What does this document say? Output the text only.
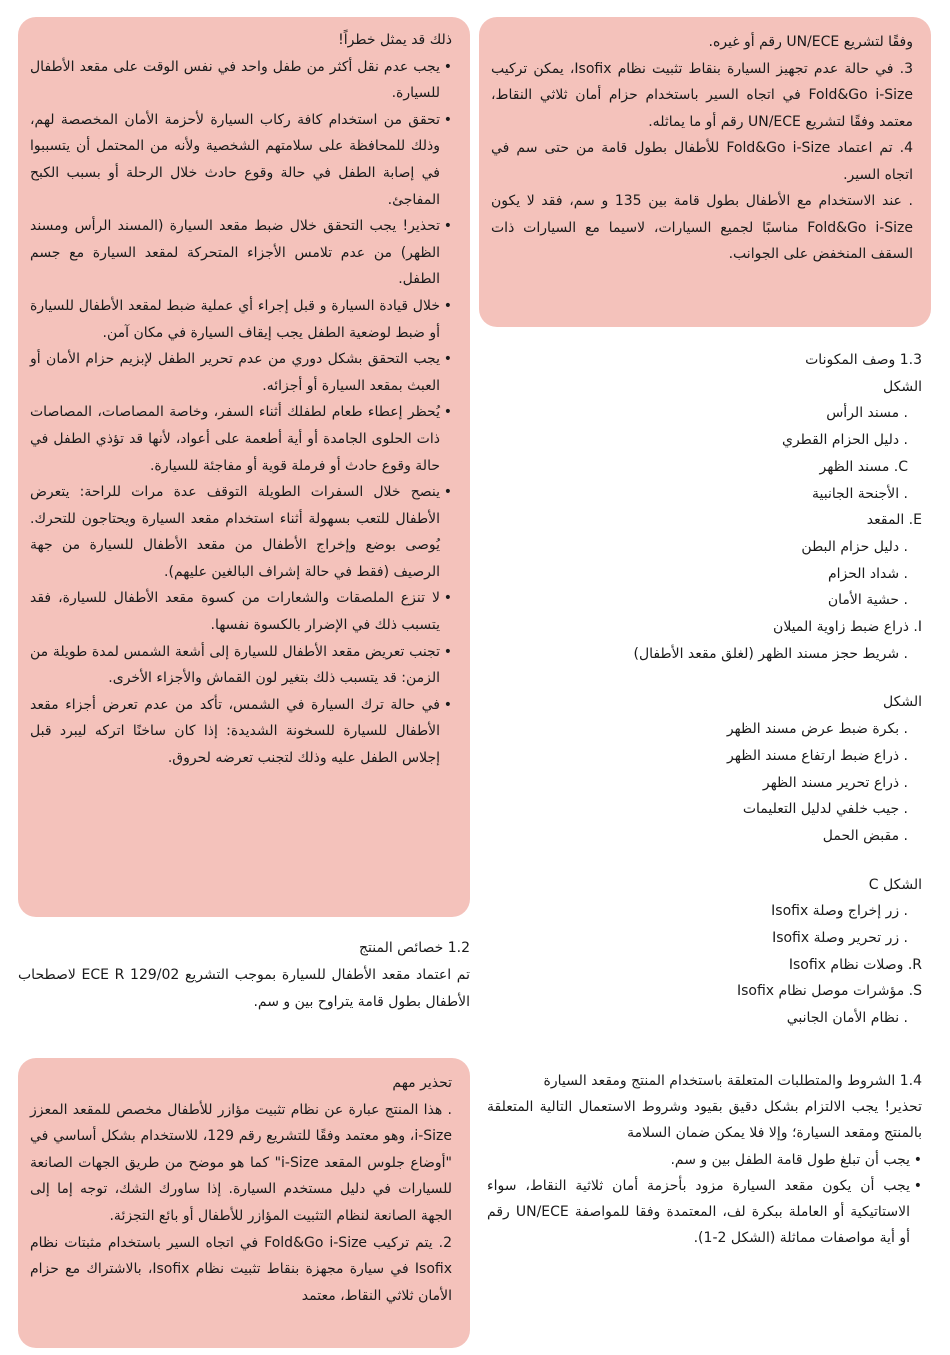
وفقًا لتشريع UN/ECE رقم أو غيره.

3. في حالة عدم تجهيز السيارة بنقاط تثبيت نظام Isofix، يمكن تركيب Fold&Go i-Size في اتجاه السير باستخدام حزام أمان ثلاثي النقاط، معتمد وفقًا لتشريع UN/ECE رقم أو ما يماثله.

4. تم اعتماد Fold&Go i-Size للأطفال بطول قامة من حتى سم في اتجاه السير.

. عند الاستخدام مع الأطفال بطول قامة بين 135 و سم، فقد لا يكون Fold&Go i-Size مناسبًا لجميع السيارات، لاسيما مع السيارات ذات السقف المنخفض على الجوانب.

1.3 وصف المكونات

الشكل

. مسند الرأس

. دليل الحزام القطري

C. مسند الظهر

. الأجنحة الجانبية

E. المقعد

. دليل حزام البطن

. شداد الحزام

. حشية الأمان

I. ذراع ضبط زاوية الميلان

. شريط حجز مسند الظهر (لغلق مقعد الأطفال)

الشكل

. بكرة ضبط عرض مسند الظهر

. ذراع ضبط ارتفاع مسند الظهر

. ذراع تحرير مسند الظهر

. جيب خلفي لدليل التعليمات

. مقبض الحمل

الشكل C

. زر إخراج وصلة Isofix

. زر تحرير وصلة Isofix

R. وصلات نظام Isofix

S. مؤشرات موصل نظام Isofix

. نظام الأمان الجانبي

1.4 الشروط والمتطلبات المتعلقة باستخدام المنتج ومقعد السيارة

تحذير! يجب الالتزام بشكل دقيق بقيود وشروط الاستعمال التالية المتعلقة بالمنتج ومقعد السيارة؛ وإلا فلا يمكن ضمان السلامة

• يجب أن تبلغ طول قامة الطفل بين و سم.

• يجب أن يكون مقعد السيارة مزود بأحزمة أمان ثلاثية النقاط، سواء الاستاتيكية أو العاملة ببكرة لف، المعتمدة وفقا للمواصفة UN/ECE رقم أو أية مواصفات مماثلة (الشكل 2-1).

ذلك قد يمثل خطراً!

• يجب عدم نقل أكثر من طفل واحد في نفس الوقت على مقعد الأطفال للسيارة.

• تحقق من استخدام كافة ركاب السيارة لأحزمة الأمان المخصصة لهم، وذلك للمحافظة على سلامتهم الشخصية ولأنه من المحتمل أن يتسببوا في إصابة الطفل في حالة وقوع حادث خلال الرحلة أو بسبب الكبح المفاجئ.

• تحذير! يجب التحقق خلال ضبط مقعد السيارة (المسند الرأس ومسند الظهر) من عدم تلامس الأجزاء المتحركة لمقعد السيارة مع جسم الطفل.

• خلال قيادة السيارة و قبل إجراء أي عملية ضبط لمقعد الأطفال للسيارة أو ضبط لوضعية الطفل يجب إيقاف السيارة في مكان آمن.

• يجب التحقق بشكل دوري من عدم تحرير الطفل لإبزيم حزام الأمان أو العبث بمقعد السيارة أو أجزائه.

• يُحظر إعطاء طعام لطفلك أثناء السفر، وخاصة المصاصات، المصاصات ذات الحلوى الجامدة أو أية أطعمة على أعواد، لأنها قد تؤذي الطفل في حالة وقوع حادث أو فرملة قوية أو مفاجئة للسيارة.

• ينصح خلال السفرات الطويلة التوقف عدة مرات للراحة: يتعرض الأطفال للتعب بسهولة أثناء استخدام مقعد السيارة ويحتاجون للتحرك. يُوصى بوضع وإخراج الأطفال من مقعد الأطفال للسيارة من جهة الرصيف (فقط في حالة إشراف البالغين عليهم).

• لا تنزع الملصقات والشعارات من كسوة مقعد الأطفال للسيارة، فقد يتسبب ذلك في الإضرار بالكسوة نفسها.

• تجنب تعريض مقعد الأطفال للسيارة إلى أشعة الشمس لمدة طويلة من الزمن: قد يتسبب ذلك بتغير لون القماش والأجزاء الأخرى.

• في حالة ترك السيارة في الشمس، تأكد من عدم تعرض أجزاء مقعد الأطفال للسيارة للسخونة الشديدة: إذا كان ساخنًا اتركه ليبرد قبل إجلاس الطفل عليه وذلك لتجنب تعرضه لحروق.

1.2 خصائص المنتج

تم اعتماد مقعد الأطفال للسيارة بموجب التشريع ECE R 129/02 لاصطحاب الأطفال بطول قامة يتراوح بين و سم.

تحذير مهم

. هذا المنتج عبارة عن نظام تثبيت مؤازر للأطفال مخصص للمقعد المعزز i-Size، وهو معتمد وفقًا للتشريع رقم 129، للاستخدام بشكل أساسي في "أوضاع جلوس المقعد i-Size" كما هو موضح من طريق الجهات الصانعة للسيارات في دليل مستخدم السيارة. إذا ساورك الشك، توجه إما إلى الجهة الصانعة لنظام التثبيت المؤازر للأطفال أو بائع التجزئة.

2. يتم تركيب Fold&Go i-Size في اتجاه السير باستخدام مثبتات نظام Isofix في سيارة مجهزة بنقاط تثبيت نظام Isofix، بالاشتراك مع حزام الأمان ثلاثي النقاط، معتمد
